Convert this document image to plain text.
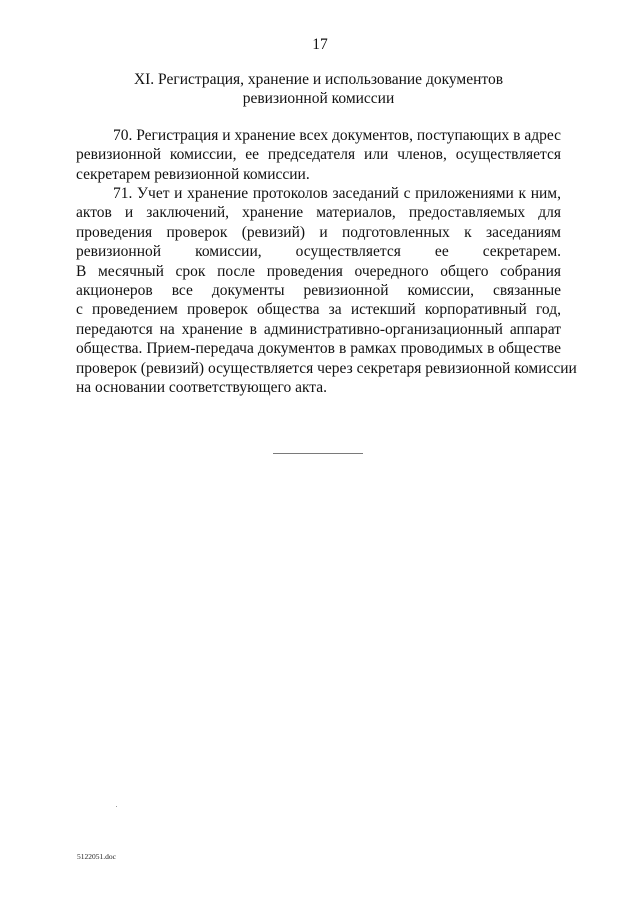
17
XI. Регистрация, хранение и использование документов
ревизионной комиссии
70. Регистрация и хранение всех документов, поступающих в адрес
ревизионной комиссии, ее председателя или членов, осуществляется
секретарем ревизионной комиссии.
71. Учет и хранение протоколов заседаний с приложениями к ним,
актов и заключений, хранение материалов, предоставляемых для
проведения проверок (ревизий) и подготовленных к заседаниям
ревизионной комиссии, осуществляется ее секретарем.
В месячный срок после проведения очередного общего собрания
акционеров все документы ревизионной комиссии, связанные
с проведением проверок общества за истекший корпоративный год,
передаются на хранение в административно-организационный аппарат
общества. Прием-передача документов в рамках проводимых в обществе
проверок (ревизий) осуществляется через секретаря ревизионной комиссии
на основании соответствующего акта.
5122051.doc
